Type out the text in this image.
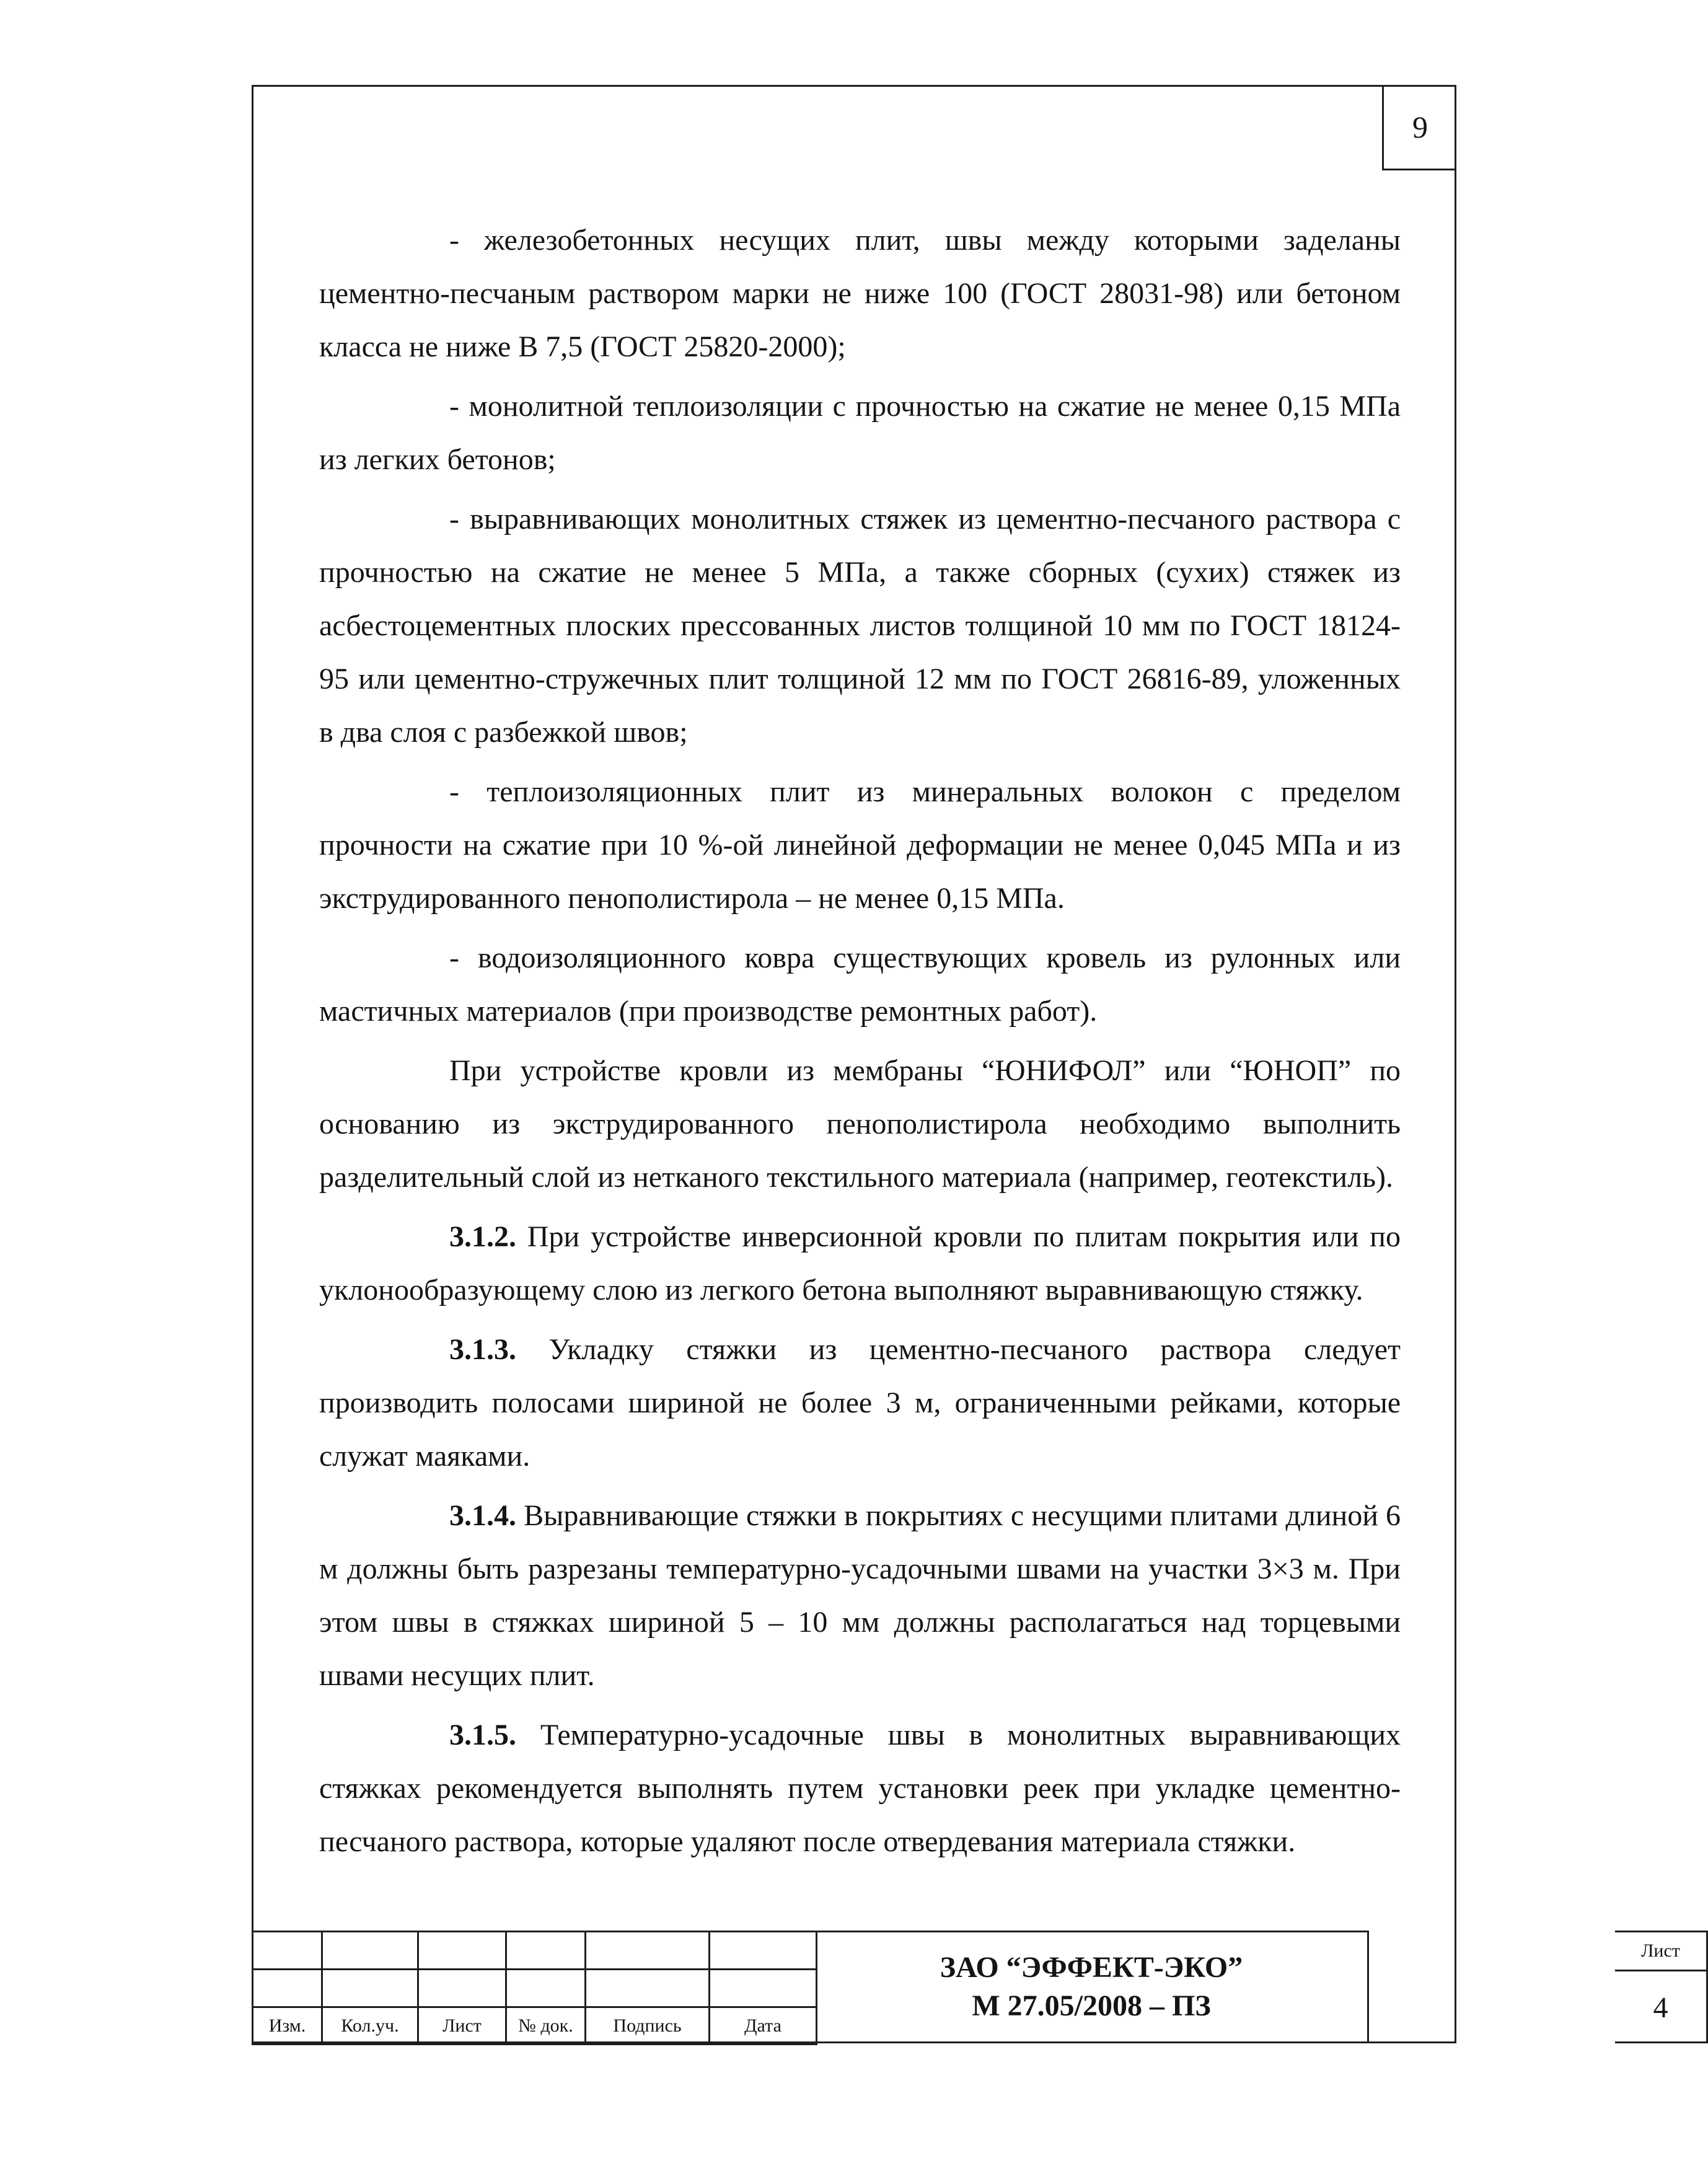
9

- железобетонных несущих плит, швы между которыми заделаны цементно-песчаным раствором марки не ниже 100 (ГОСТ 28031-98) или бетоном класса не ниже В 7,5 (ГОСТ 25820-2000);

- монолитной теплоизоляции с прочностью на сжатие не менее 0,15 МПа из легких бетонов;

- выравнивающих монолитных стяжек из цементно-песчаного раствора с прочностью на сжатие не менее 5 МПа, а также сборных (сухих) стяжек из асбестоцементных плоских прессованных листов толщиной 10 мм по ГОСТ 18124-95 или цементно-стружечных плит толщиной 12 мм по ГОСТ 26816-89, уложенных в два слоя с разбежкой швов;

- теплоизоляционных плит из минеральных волокон с пределом прочности на сжатие при 10 %-ой линейной деформации не менее 0,045 МПа и из экструдированного пенополистирола – не менее 0,15 МПа.

- водоизоляционного ковра существующих кровель из рулонных или мастичных материалов (при производстве ремонтных работ).

При устройстве кровли из мембраны “ЮНИФОЛ” или “ЮНОП” по основанию из экструдированного пенополистирола необходимо выполнить разделительный слой из нетканого текстильного материала (например, геотекстиль).

3.1.2. При устройстве инверсионной кровли по плитам покрытия или по уклонообразующему слою из легкого бетона выполняют выравнивающую стяжку.

3.1.3. Укладку стяжки из цементно-песчаного раствора следует производить полосами шириной не более 3 м, ограниченными рейками, которые служат маяками.

3.1.4. Выравнивающие стяжки в покрытиях с несущими плитами длиной 6 м должны быть разрезаны температурно-усадочными швами на участки 3×3 м. При этом швы в стяжках шириной 5 – 10 мм должны располагаться над торцевыми швами несущих плит.

3.1.5. Температурно-усадочные швы в монолитных выравнивающих стяжках рекомендуется выполнять путем установки реек при укладке цементно-песчаного раствора, которые удаляют после отвердевания материала стяжки.

Изм.	Кол.уч.	Лист	№ док.	Подпись	Дата
ЗАО “ЭФФЕКТ-ЭКО”
М 27.05/2008 – ПЗ
Лист
4
